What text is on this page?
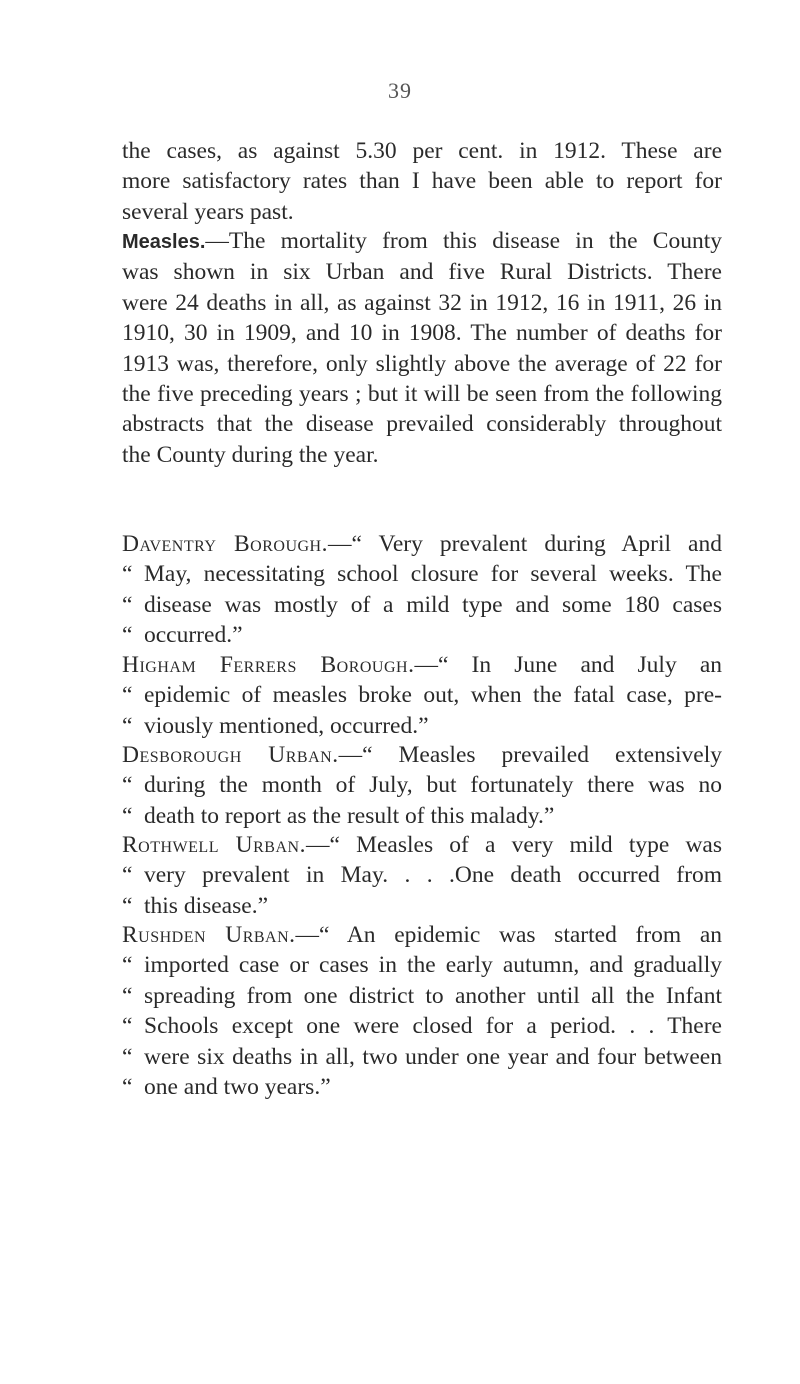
39
the cases, as against 5.30 per cent. in 1912. These are
more satisfactory rates than I have been able to report for
several years past.
Measles.—The mortality from this disease in the County
was shown in six Urban and five Rural Districts. There
were 24 deaths in all, as against 32 in 1912, 16 in 1911, 26 in
1910, 30 in 1909, and 10 in 1908. The number of deaths for
1913 was, therefore, only slightly above the average of 22 for
the five preceding years ; but it will be seen from the following
abstracts that the disease prevailed considerably throughout
the County during the year.
Daventry Borough.—“ Very prevalent during April and
“ May, necessitating school closure for several weeks. The
“ disease was mostly of a mild type and some 180 cases
“ occurred.”
Higham Ferrers Borough.—“ In June and July an
“ epidemic of measles broke out, when the fatal case, pre-
“ viously mentioned, occurred.”
Desborough Urban.—“ Measles prevailed extensively
“ during the month of July, but fortunately there was no
“ death to report as the result of this malady.”
Rothwell Urban.—“ Measles of a very mild type was
“ very prevalent in May. . . .One death occurred from
“ this disease.”
Rushden Urban.—“ An epidemic was started from an
“ imported case or cases in the early autumn, and gradually
“ spreading from one district to another until all the Infant
“ Schools except one were closed for a period. . . There
“ were six deaths in all, two under one year and four between
“ one and two years.”
